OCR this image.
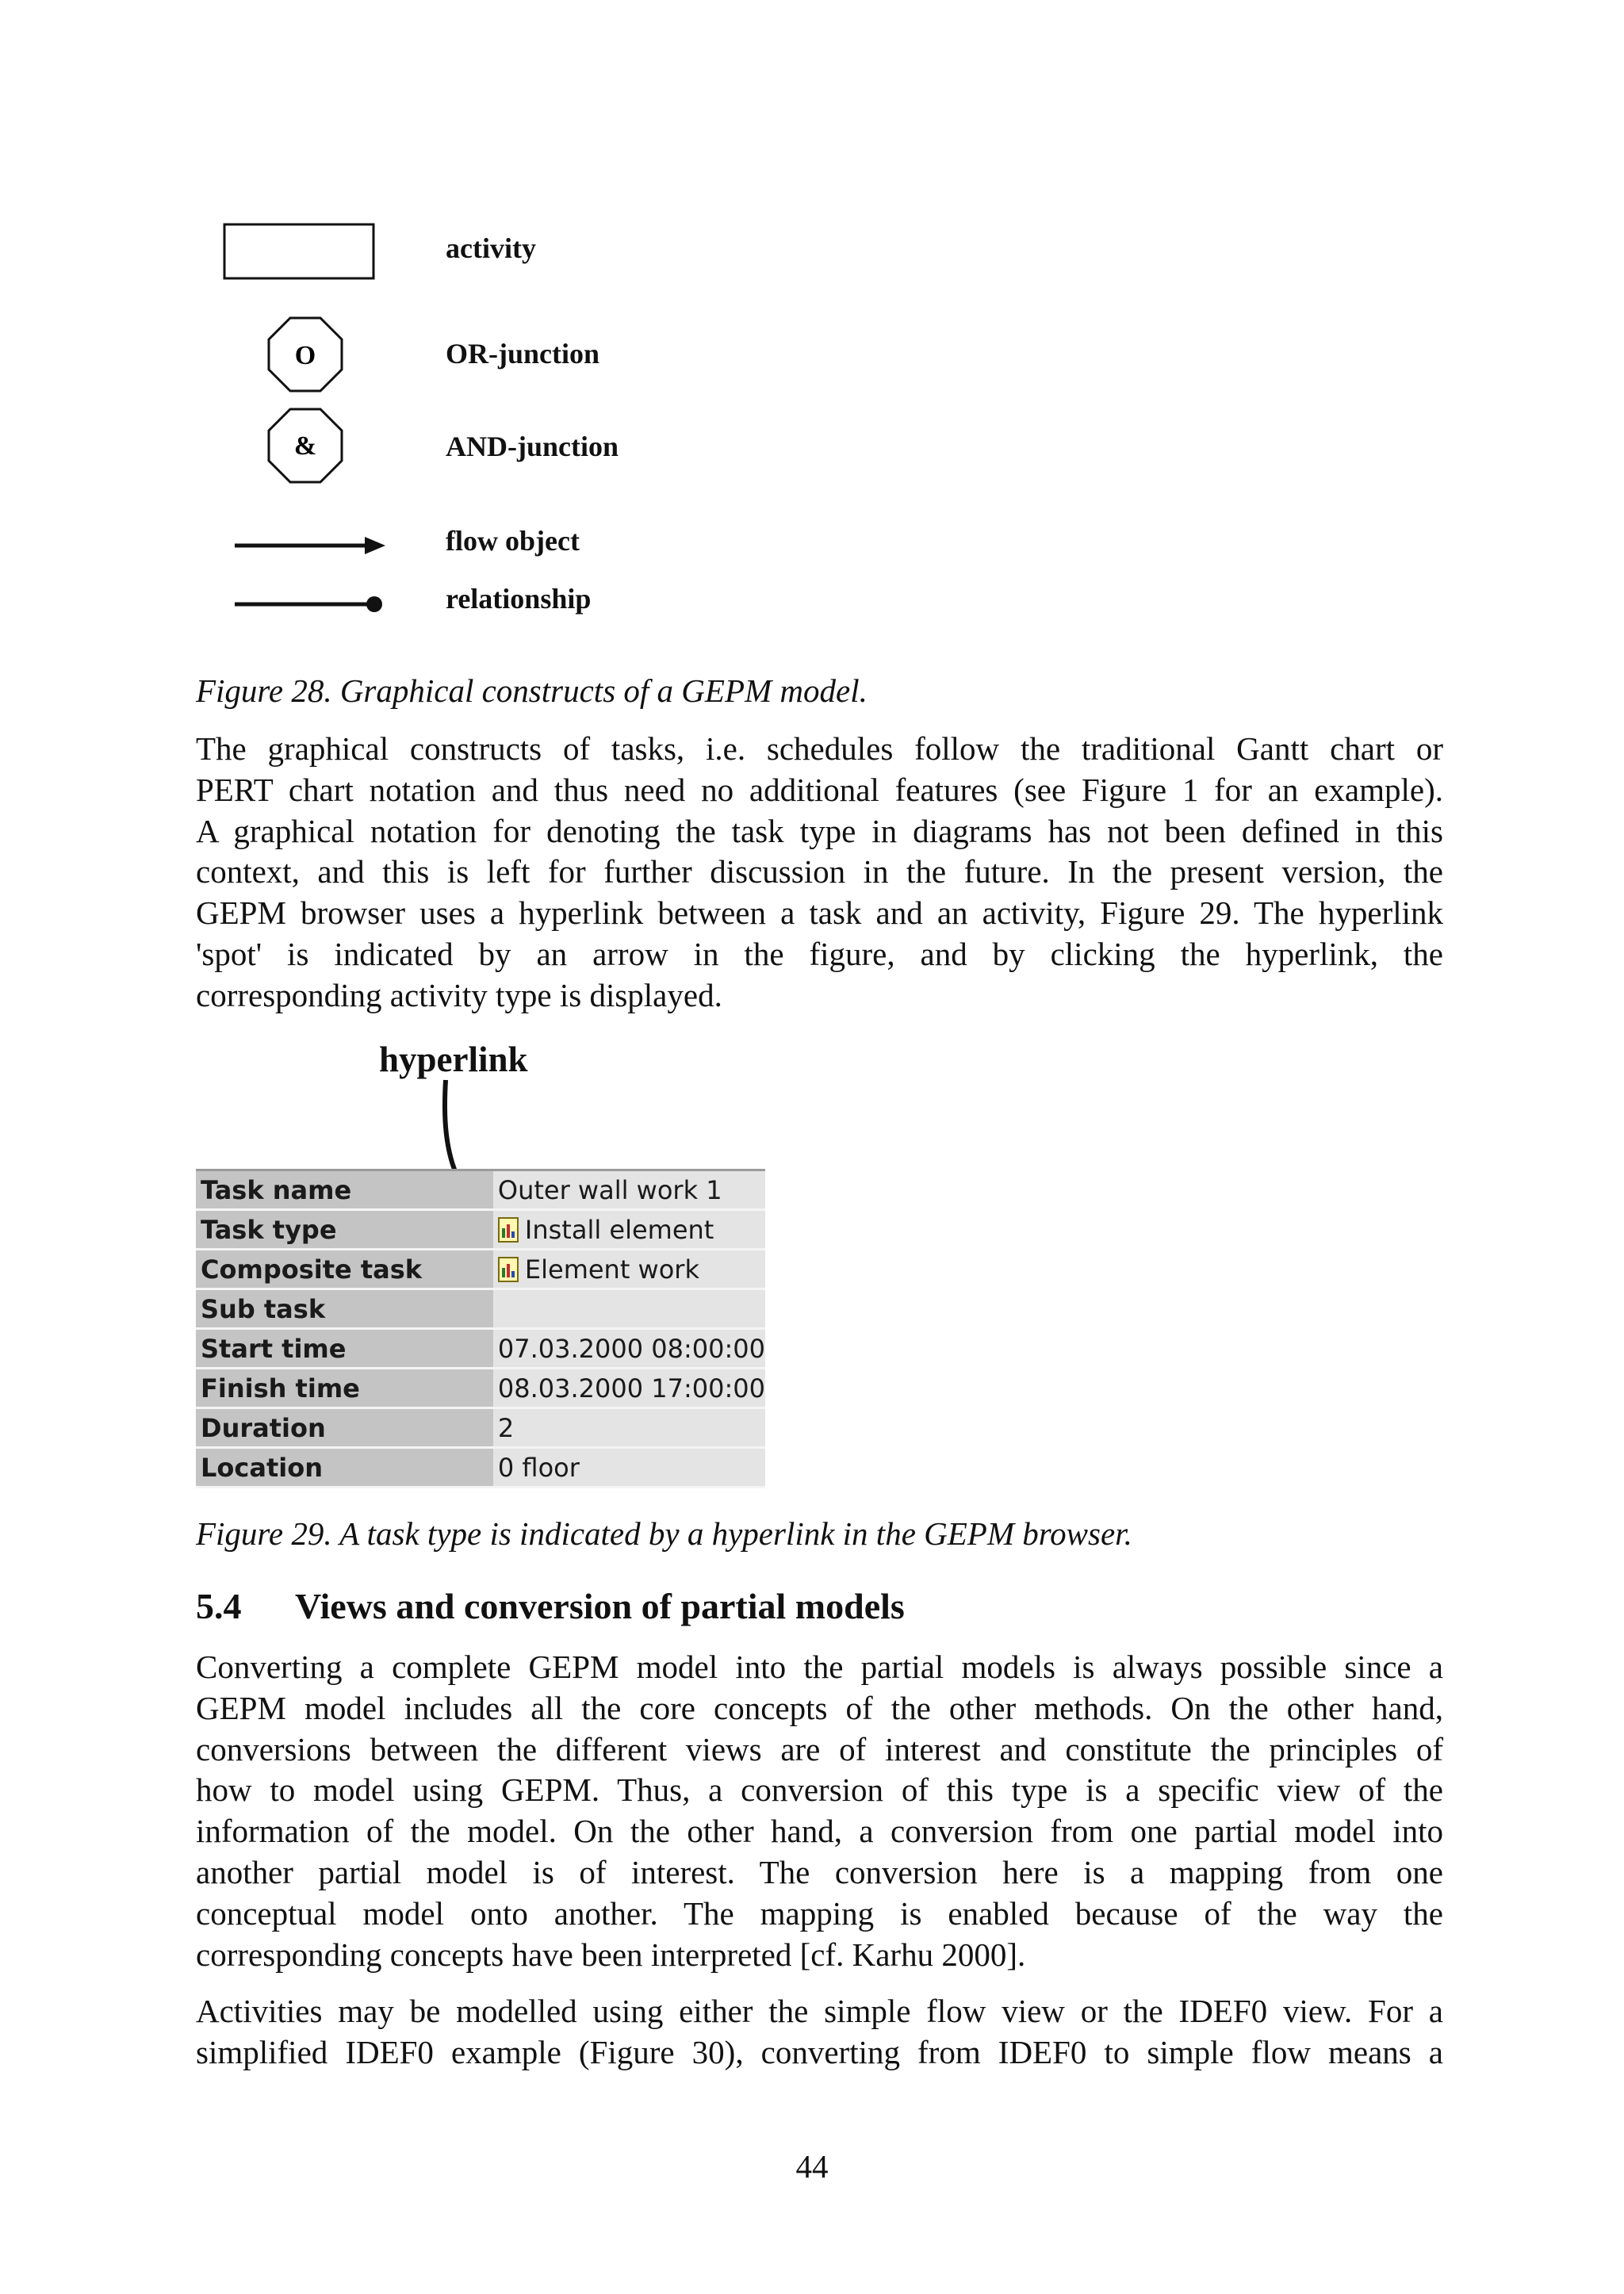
activity
O	OR-junction
&	AND-junction
flow object
relationship
Figure 28. Graphical constructs of a GEPM model.
The graphical constructs of tasks, i.e. schedules follow the traditional Gantt chart or
PERT chart notation and thus need no additional features (see Figure 1 for an example).
A graphical notation for denoting the task type in diagrams has not been defined in this
context, and this is left for further discussion in the future. In the present version, the
GEPM browser uses a hyperlink between a task and an activity, Figure 29. The hyperlink
'spot' is indicated by an arrow in the figure, and by clicking the hyperlink, the
corresponding activity type is displayed.
hyperlink
Task name	Outer wall work 1
Task type	Install element
Composite task	Element work
Sub task	
Start time	07.03.2000 08:00:00
Finish time	08.03.2000 17:00:00
Duration	2
Location	0 floor
Figure 29. A task type is indicated by a hyperlink in the GEPM browser.
5.4 Views and conversion of partial models
Converting a complete GEPM model into the partial models is always possible since a
GEPM model includes all the core concepts of the other methods. On the other hand,
conversions between the different views are of interest and constitute the principles of
how to model using GEPM. Thus, a conversion of this type is a specific view of the
information of the model. On the other hand, a conversion from one partial model into
another partial model is of interest. The conversion here is a mapping from one
conceptual model onto another. The mapping is enabled because of the way the
corresponding concepts have been interpreted [cf. Karhu 2000].
Activities may be modelled using either the simple flow view or the IDEF0 view. For a
simplified IDEF0 example (Figure 30), converting from IDEF0 to simple flow means a
44
